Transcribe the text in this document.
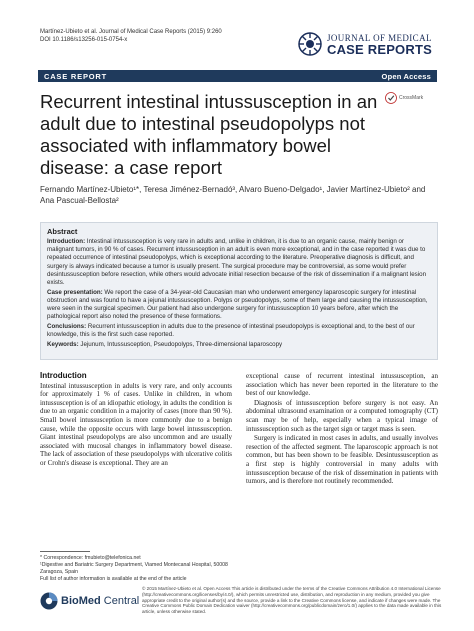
Martínez-Ubieto et al. Journal of Medical Case Reports (2015) 9:260
DOI 10.1186/s13256-015-0754-x	JOURNAL OF MEDICAL
CASE REPORTS
CASE REPORT	Open Access
Recurrent intestinal intussusception in an adult due to intestinal pseudopolyps not associated with inflammatory bowel disease: a case report
CrossMark
Fernando Martínez-Ubieto¹*, Teresa Jiménez-Bernadó³, Alvaro Bueno-Delgado¹, Javier Martínez-Ubieto² and Ana Pascual-Bellosta²
Abstract

Introduction: Intestinal intussusception is very rare in adults and, unlike in children, it is due to an organic cause, mainly benign or malignant tumors, in 90 % of cases. Recurrent intussusception in an adult is even more exceptional, and in the case reported it was due to repeated occurrence of intestinal pseudopolyps, which is exceptional according to the literature. Preoperative diagnosis is difficult, and surgery is always indicated because a tumor is usually present. The surgical procedure may be controversial, as some would prefer desintussusception before resection, while others would advocate initial resection because of the risk of dissemination if a malignant lesion exists.

Case presentation: We report the case of a 34-year-old Caucasian man who underwent emergency laparoscopic surgery for intestinal obstruction and was found to have a jejunal intussusception. Polyps or pseudopolyps, some of them large and causing the intussusception, were seen in the surgical specimen. Our patient had also undergone surgery for intussusception 10 years before, after which the pathological report also noted the presence of these formations.

Conclusions: Recurrent intussusception in adults due to the presence of intestinal pseudopolyps is exceptional and, to the best of our knowledge, this is the first such case reported.

Keywords: Jejunum, Intussusception, Pseudopolyps, Three-dimensional laparoscopy

Introduction

Intestinal intussusception in adults is very rare, and only accounts for approximately 1 % of cases. Unlike in children, in whom intussusception is of an idiopathic etiology, in adults the condition is due to an organic condition in a majority of cases (more than 90 %). Small bowel intussusception is more commonly due to a benign cause, while the opposite occurs with large bowel intussusception. Giant intestinal pseudopolyps are also uncommon and are usually associated with mucosal changes in inflammatory bowel disease. The lack of association of these pseudopolyps with ulcerative colitis or Crohn's disease is exceptional. They are an

exceptional cause of recurrent intestinal intussusception, an association which has never been reported in the literature to the best of our knowledge.

Diagnosis of intussusception before surgery is not easy. An abdominal ultrasound examination or a computed tomography (CT) scan may be of help, especially when a typical image of intussusception such as the target sign or target mass is seen.

Surgery is indicated in most cases in adults, and usually involves resection of the affected segment. The laparoscopic approach is not common, but has been shown to be feasible. Desintussusception as a first step is highly controversial in many adults with intussusception because of the risk of dissemination in patients with tumors, and is therefore not routinely recommended.

* Correspondence: fmubieto@telefonica.net
¹Digestive and Bariatric Surgery Department, Viamed Montecanal Hospital, 50008 Zaragoza, Spain
Full list of author information is available at the end of the article
BioMed Central
© 2015 Martínez-Ubieto et al. Open Access This article is distributed under the terms of the Creative Commons Attribution 4.0 International License (http://creativecommons.org/licenses/by/4.0/), which permits unrestricted use, distribution, and reproduction in any medium, provided you give appropriate credit to the original author(s) and the source, provide a link to the Creative Commons license, and indicate if changes were made. The Creative Commons Public Domain Dedication waiver (http://creativecommons.org/publicdomain/zero/1.0/) applies to the data made available in this article, unless otherwise stated.
